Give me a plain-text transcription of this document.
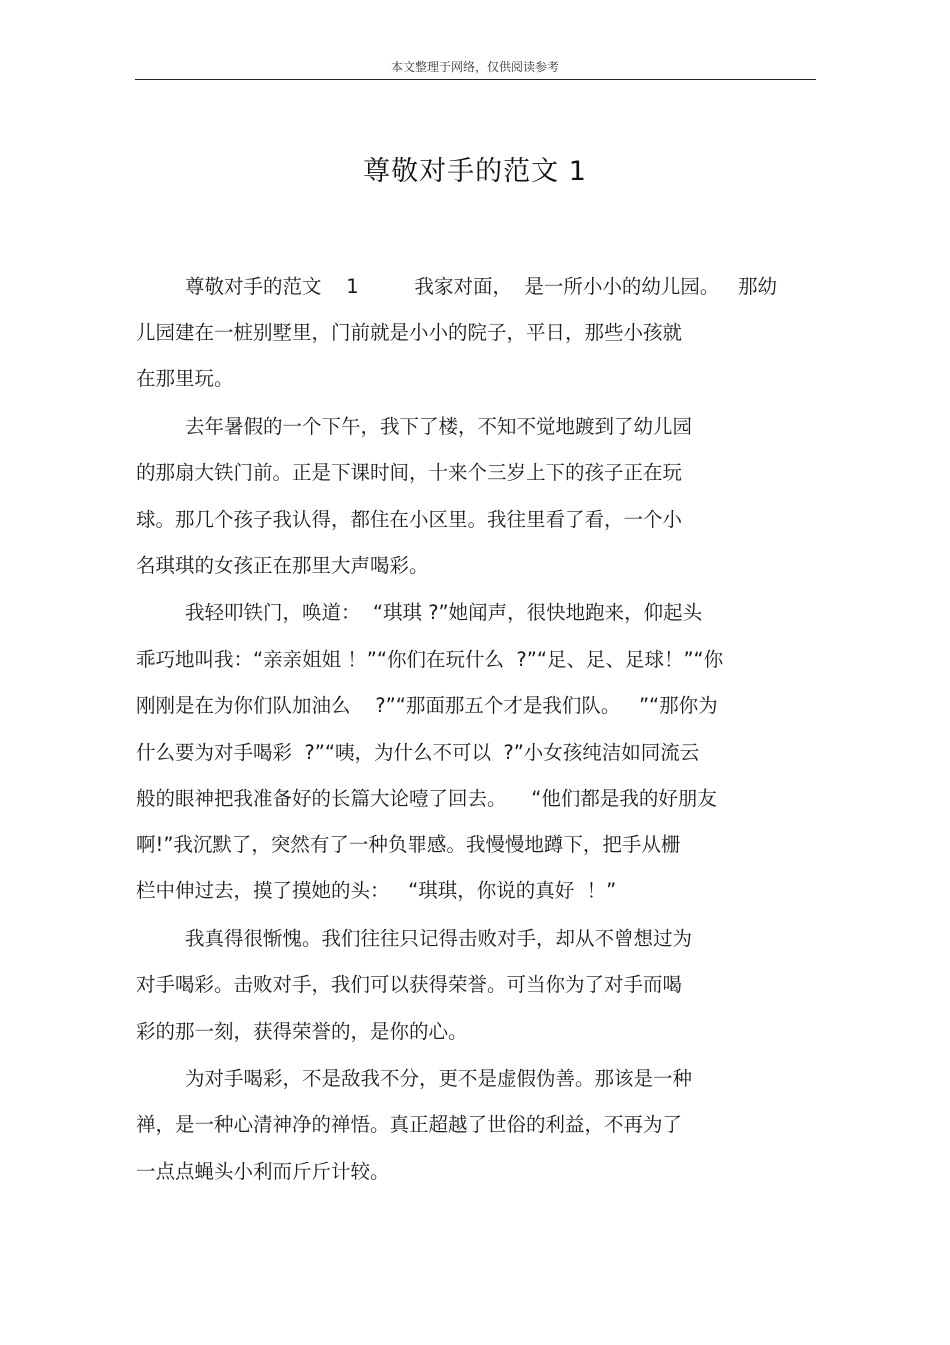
本文整理于网络，仅供阅读参考
尊敬对手的范文 1
尊敬对手的范文    1         我家对面，  是一所小小的幼儿园。   那幼
儿园建在一桩别墅里，门前就是小小的院子，平日，那些小孩就
在那里玩。
去年暑假的一个下午，我下了楼，不知不觉地踱到了幼儿园
的那扇大铁门前。正是下课时间，十来个三岁上下的孩子正在玩
球。那几个孩子我认得，都住在小区里。我往里看了看，一个小
名琪琪的女孩正在那里大声喝彩。
我轻叩铁门，唤道：  “琪琪 ?”她闻声，很快地跑来，仰起头
乖巧地叫我：“亲亲姐姐 ！”“你们在玩什么  ?”“足、足、足球！”“你
刚刚是在为你们队加油么    ?”“那面那五个才是我们队。   ”“那你为
什么要为对手喝彩  ?”“咦，为什么不可以  ?”小女孩纯洁如同流云
般的眼神把我准备好的长篇大论噎了回去。    “他们都是我的好朋友
啊!”我沉默了，突然有了一种负罪感。我慢慢地蹲下，把手从栅
栏中伸过去，摸了摸她的头：   “琪琪，你说的真好  ！”
我真得很惭愧。我们往往只记得击败对手，却从不曾想过为
对手喝彩。击败对手，我们可以获得荣誉。可当你为了对手而喝
彩的那一刻，获得荣誉的，是你的心。
为对手喝彩，不是敌我不分，更不是虚假伪善。那该是一种
禅，是一种心清神净的禅悟。真正超越了世俗的利益，不再为了
一点点蝇头小利而斤斤计较。
